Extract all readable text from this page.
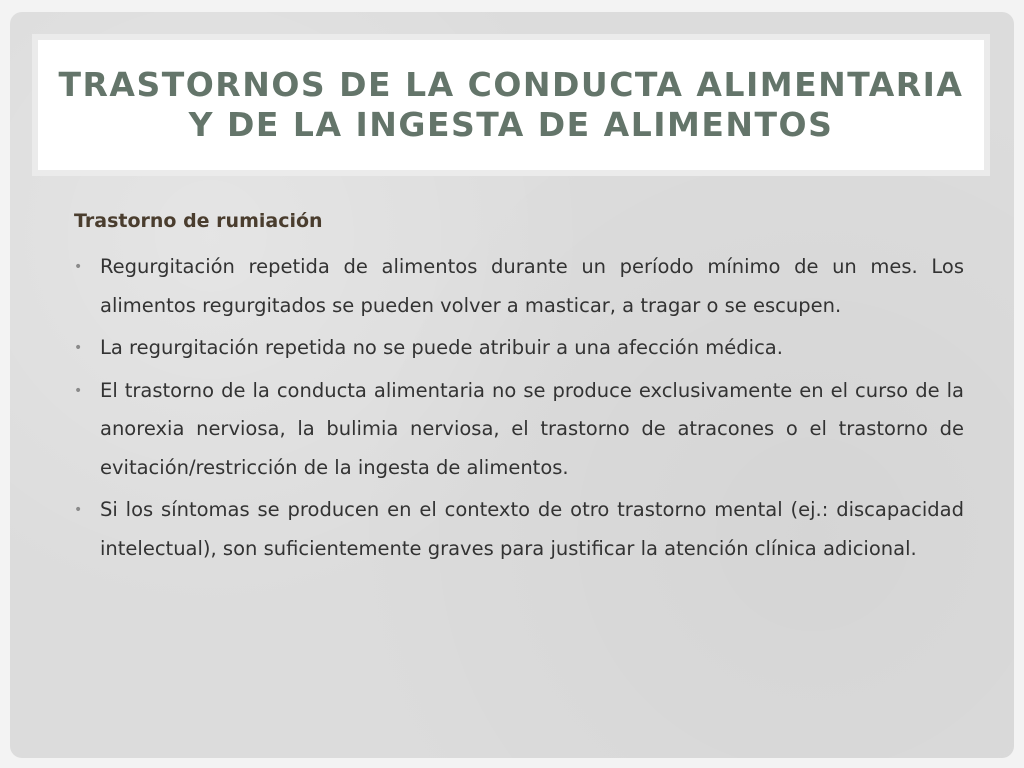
TRASTORNOS DE LA CONDUCTA ALIMENTARIA
Y DE LA INGESTA DE ALIMENTOS
Trastorno de rumiación
• Regurgitación repetida de alimentos durante un período mínimo de un mes. Los alimentos regurgitados se pueden volver a masticar, a tragar o se escupen.
• La regurgitación repetida no se puede atribuir a una afección médica.
• El trastorno de la conducta alimentaria no se produce exclusivamente en el curso de la anorexia nerviosa, la bulimia nerviosa, el trastorno de atracones o el trastorno de evitación/restricción de la ingesta de alimentos.
• Si los síntomas se producen en el contexto de otro trastorno mental (ej.: discapacidad intelectual), son suficientemente graves para justificar la atención clínica adicional.
